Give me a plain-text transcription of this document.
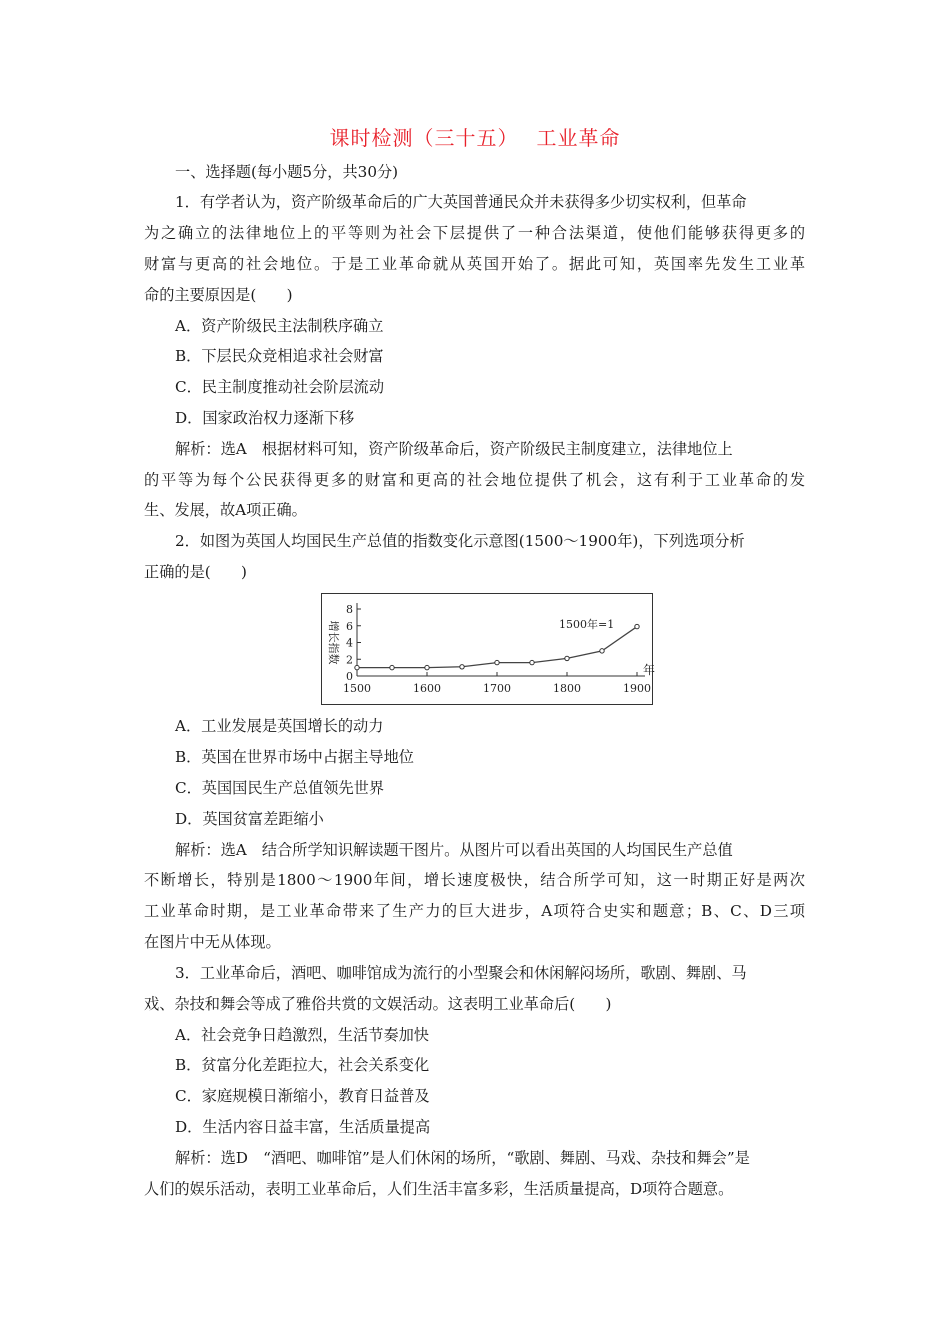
课时检测（三十五） 工业革命
一、选择题(每小题5分，共30分)
1．有学者认为，资产阶级革命后的广大英国普通民众并未获得多少切实权利，但革命
为之确立的法律地位上的平等则为社会下层提供了一种合法渠道，使他们能够获得更多的
财富与更高的社会地位。于是工业革命就从英国开始了。据此可知，英国率先发生工业革
命的主要原因是(　　)
A．资产阶级民主法制秩序确立
B．下层民众竞相追求社会财富
C．民主制度推动社会阶层流动
D．国家政治权力逐渐下移
解析：选A　根据材料可知，资产阶级革命后，资产阶级民主制度建立，法律地位上
的平等为每个公民获得更多的财富和更高的社会地位提供了机会，这有利于工业革命的发
生、发展，故A项正确。
2．如图为英国人均国民生产总值的指数变化示意图(1500～1900年)，下列选项分析
正确的是(　　)
0
2
4
6
8
1500	1600	1700	1800	1900
年
增长指数	1500年=1
A．工业发展是英国增长的动力
B．英国在世界市场中占据主导地位
C．英国国民生产总值领先世界
D．英国贫富差距缩小
解析：选A　结合所学知识解读题干图片。从图片可以看出英国的人均国民生产总值
不断增长，特别是1800～1900年间，增长速度极快，结合所学可知，这一时期正好是两次
工业革命时期，是工业革命带来了生产力的巨大进步，A项符合史实和题意；B、C、D三项
在图片中无从体现。
3．工业革命后，酒吧、咖啡馆成为流行的小型聚会和休闲解闷场所，歌剧、舞剧、马
戏、杂技和舞会等成了雅俗共赏的文娱活动。这表明工业革命后(　　)
A．社会竞争日趋激烈，生活节奏加快
B．贫富分化差距拉大，社会关系变化
C．家庭规模日渐缩小，教育日益普及
D．生活内容日益丰富，生活质量提高
解析：选D　“酒吧、咖啡馆”是人们休闲的场所，“歌剧、舞剧、马戏、杂技和舞会”是
人们的娱乐活动，表明工业革命后，人们生活丰富多彩，生活质量提高，D项符合题意。
